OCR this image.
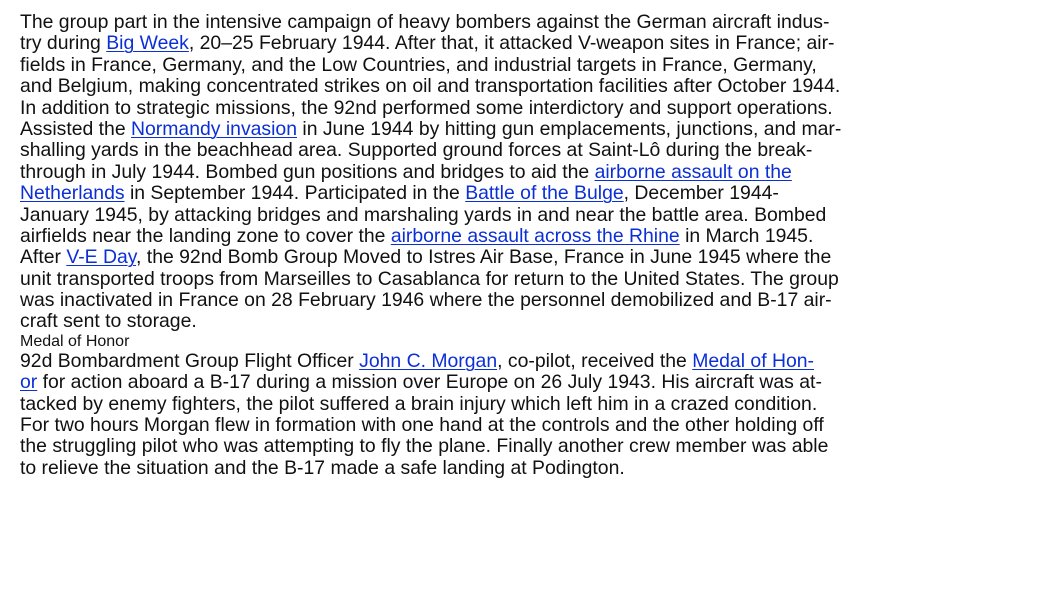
The group part in the intensive campaign of heavy bombers against the German aircraft indus-
try during Big Week, 20–25 February 1944. After that, it attacked V-weapon sites in France; air-
fields in France, Germany, and the Low Countries, and industrial targets in France, Germany,
and Belgium, making concentrated strikes on oil and transportation facilities after October 1944.
In addition to strategic missions, the 92nd performed some interdictory and support operations.
Assisted the Normandy invasion in June 1944 by hitting gun emplacements, junctions, and mar-
shalling yards in the beachhead area. Supported ground forces at Saint-Lô during the break-
through in July 1944. Bombed gun positions and bridges to aid the airborne assault on the
Netherlands in September 1944. Participated in the Battle of the Bulge, December 1944-
January 1945, by attacking bridges and marshaling yards in and near the battle area. Bombed
airfields near the landing zone to cover the airborne assault across the Rhine in March 1945.
After V-E Day, the 92nd Bomb Group Moved to Istres Air Base, France in June 1945 where the
unit transported troops from Marseilles to Casablanca for return to the United States. The group
was inactivated in France on 28 February 1946 where the personnel demobilized and B-17 air-
craft sent to storage.
Medal of Honor
92d Bombardment Group Flight Officer John C. Morgan, co-pilot, received the Medal of Hon-
or for action aboard a B-17 during a mission over Europe on 26 July 1943. His aircraft was at-
tacked by enemy fighters, the pilot suffered a brain injury which left him in a crazed condition.
For two hours Morgan flew in formation with one hand at the controls and the other holding off
the struggling pilot who was attempting to fly the plane. Finally another crew member was able
to relieve the situation and the B-17 made a safe landing at Podington.
